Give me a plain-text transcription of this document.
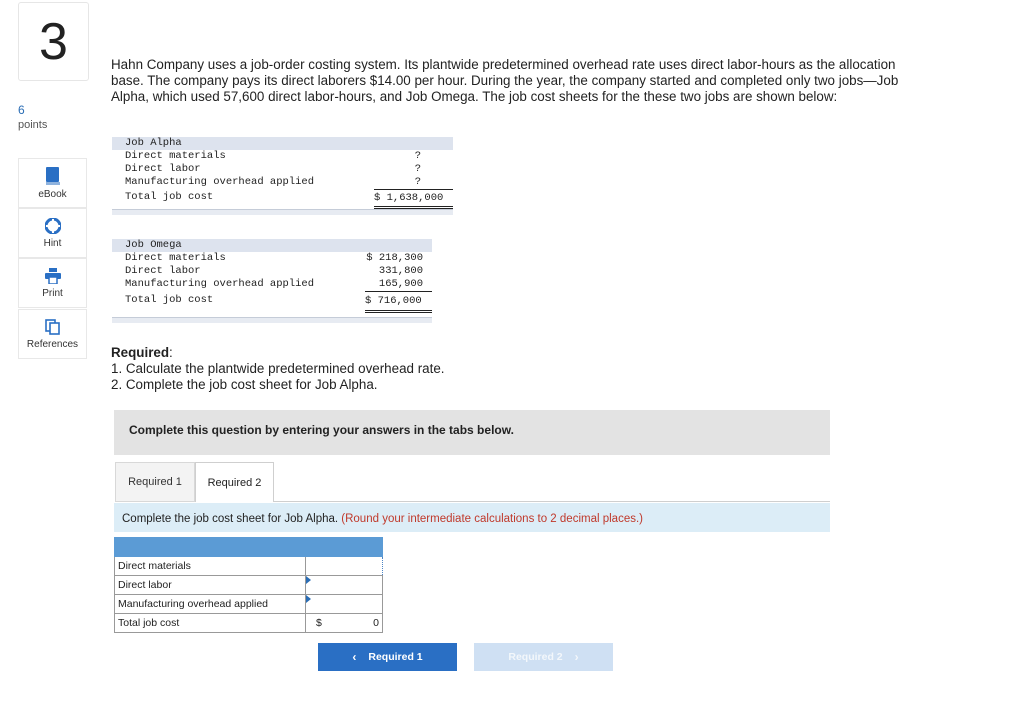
3
6
points
eBook
Hint
Print
References
Hahn Company uses a job-order costing system. Its plantwide predetermined overhead rate uses direct labor-hours as the allocation base. The company pays its direct laborers $14.00 per hour. During the year, the company started and completed only two jobs—Job Alpha, which used 57,600 direct labor-hours, and Job Omega. The job cost sheets for the these two jobs are shown below:
Job Alpha
Direct materials	?
Direct labor	?
Manufacturing overhead applied	?
Total job cost	$ 1,638,000
Job Omega
Direct materials	$ 218,300
Direct labor	331,800
Manufacturing overhead applied	165,900
Total job cost	$ 716,000
Required:
1. Calculate the plantwide predetermined overhead rate.
2. Complete the job cost sheet for Job Alpha.
Complete this question by entering your answers in the tabs below.
Required 1	Required 2
Complete the job cost sheet for Job Alpha. (Round your intermediate calculations to 2 decimal places.)

Direct materials	
Direct labor	

Manufacturing overhead applied	

Total job cost	$ 0
‹ Required 1	Required 2 ›
